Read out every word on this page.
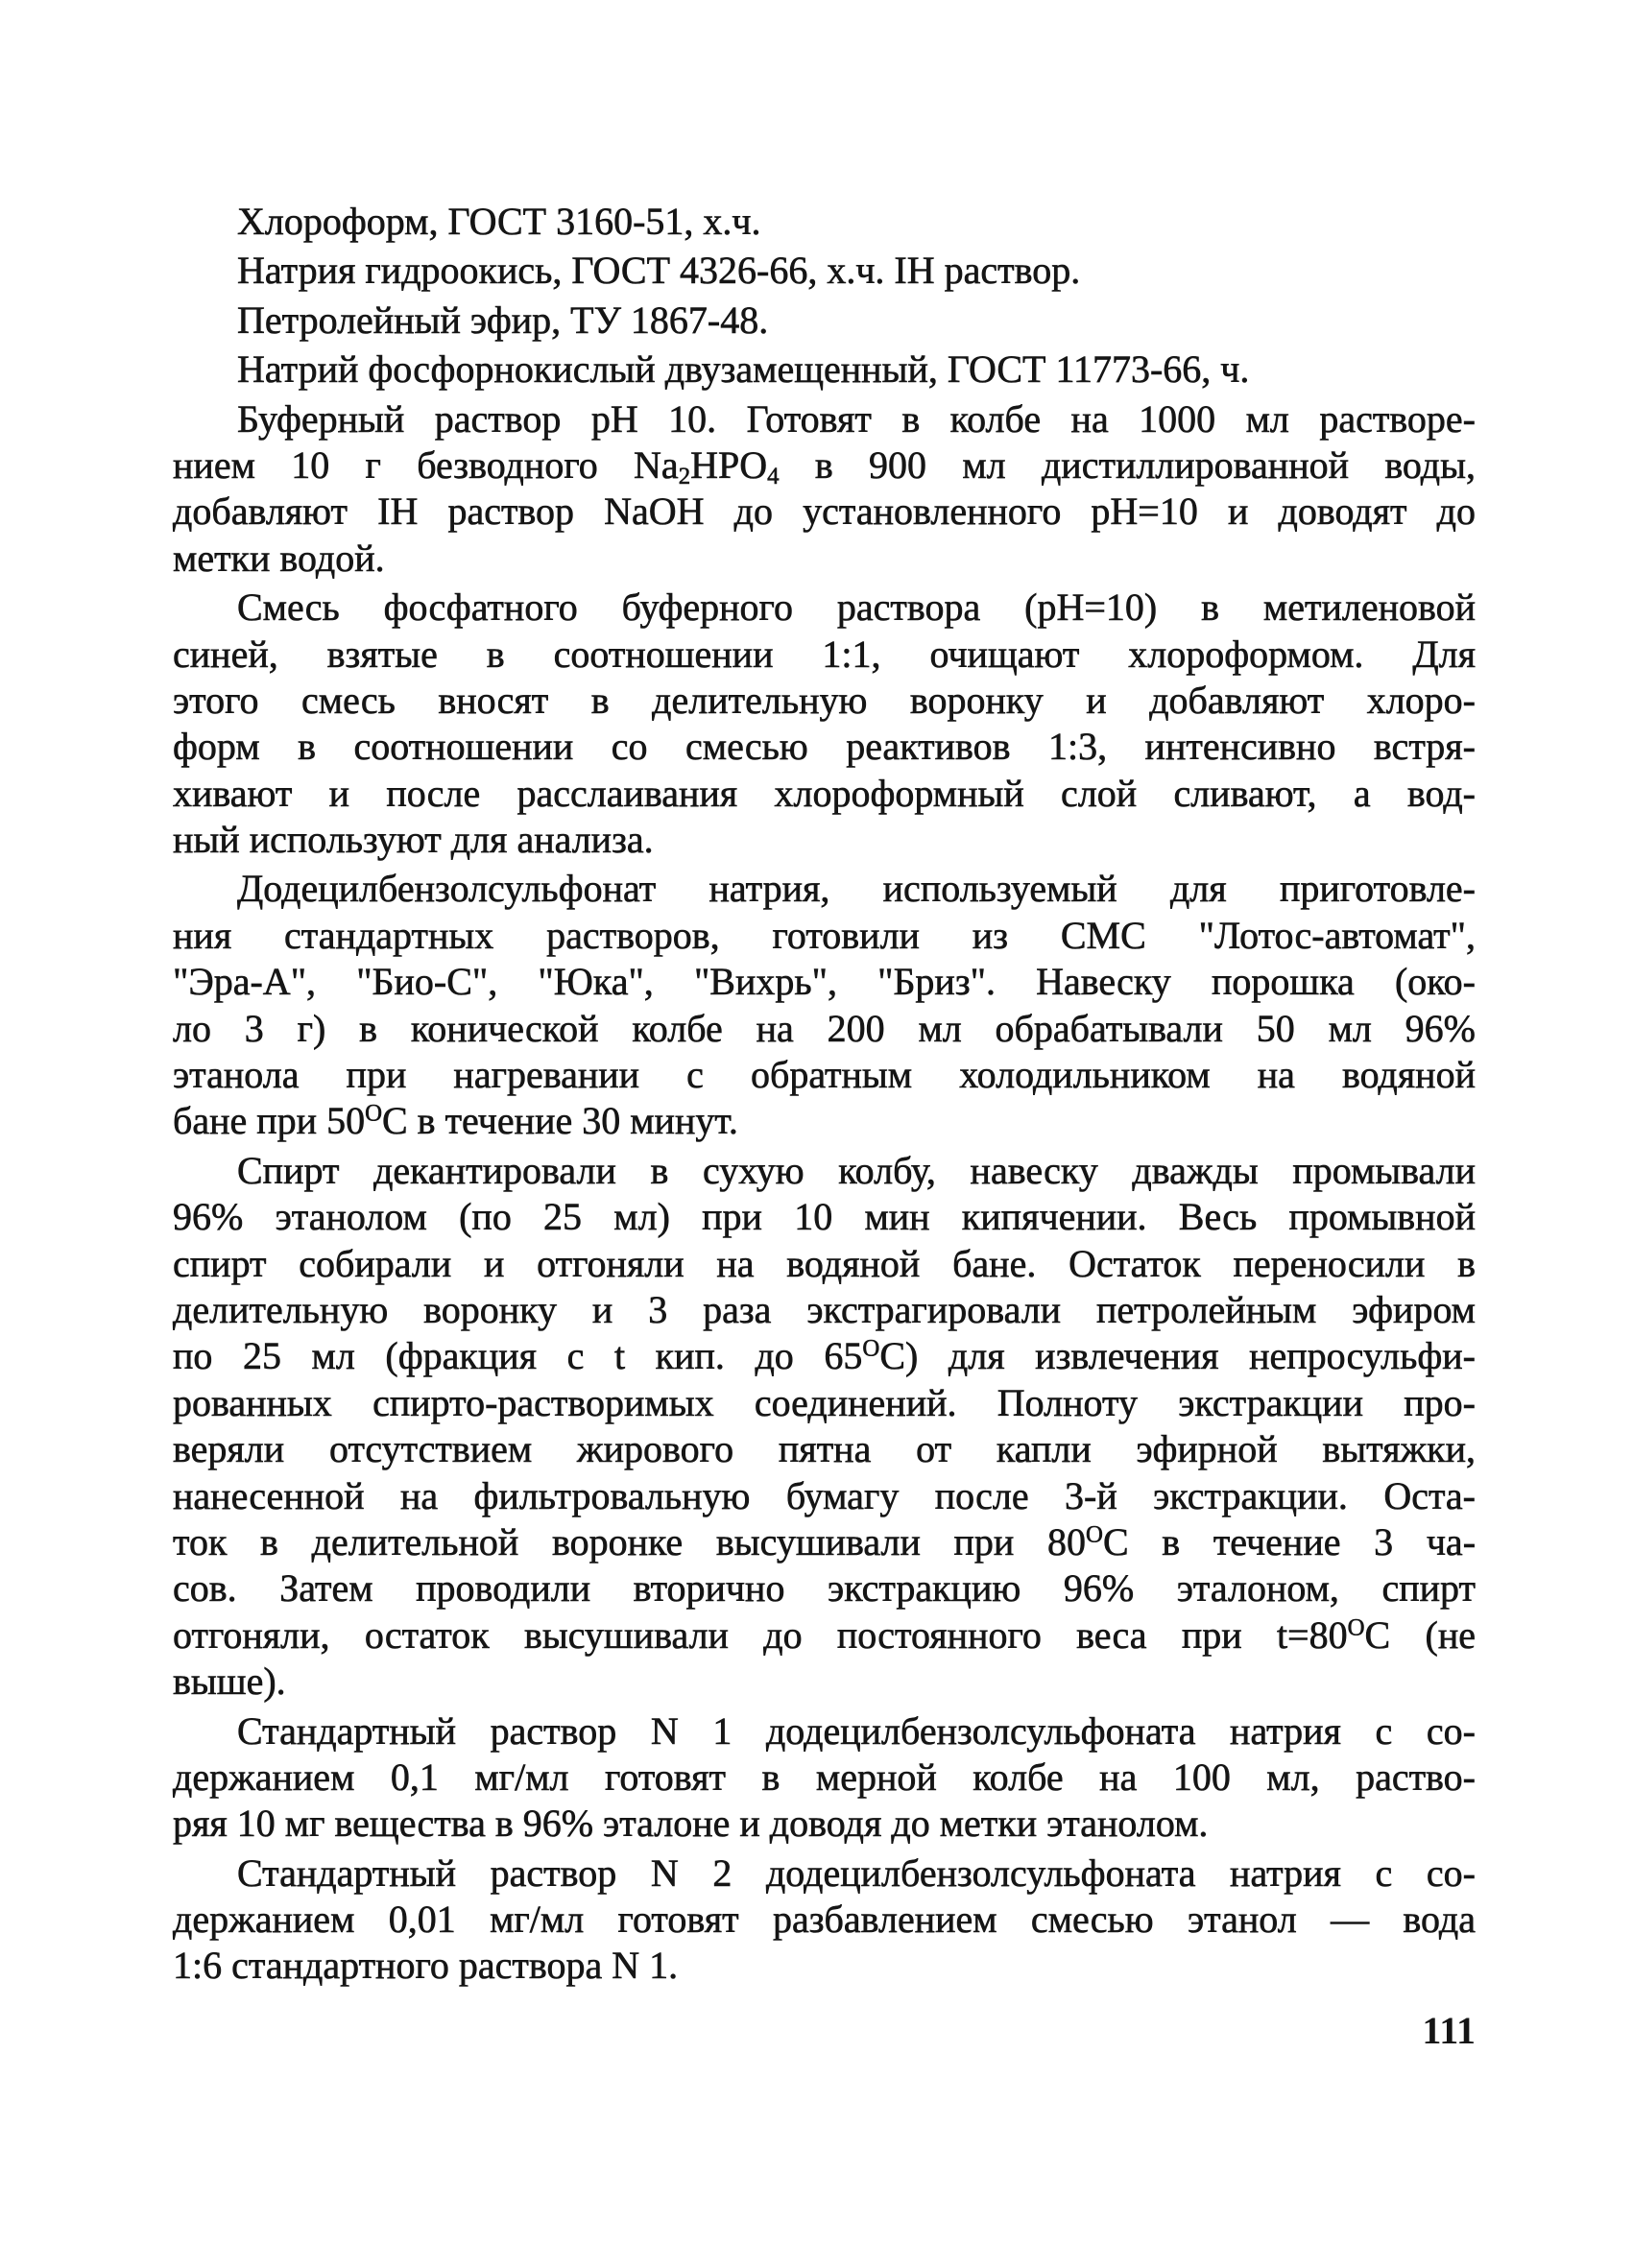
Хлороформ, ГОСТ 3160-51, х.ч.
Натрия гидроокись, ГОСТ 4326-66, х.ч. IН раствор.
Петролейный эфир, ТУ 1867-48.
Натрий фосфорнокислый двузамещенный, ГОСТ 11773-66, ч.
Буферный раствор pH 10. Готовят в колбе на 1000 мл растворе-
нием 10 г безводного $Na_2HPO_4$ в 900 мл дистиллированной воды,
добавляют IН раствор NaOH до установленного pH=10 и доводят до
метки водой.
Смесь фосфатного буферного раствора (pH=10) в метиленовой
синей, взятые в соотношении 1:1, очищают хлороформом. Для
этого смесь вносят в делительную воронку и добавляют хлоро-
форм в соотношении со смесью реактивов 1:3, интенсивно встря-
хивают и после расслаивания хлороформный слой сливают, а вод-
ный используют для анализа.
Додецилбензолсульфонат натрия, используемый для приготовле-
ния стандартных растворов, готовили из СМС "Лотос-автомат",
"Эра-А", "Био-С", "Юка", "Вихрь", "Бриз". Навеску порошка (око-
ло 3 г) в конической колбе на 200 мл обрабатывали 50 мл 96%
этанола при нагревании с обратным холодильником на водяной
бане при $50^ОС$ в течение 30 минут.
Спирт декантировали в сухую колбу, навеску дважды промывали
96% этанолом (по 25 мл) при 10 мин кипячении. Весь промывной
спирт собирали и отгоняли на водяной бане. Остаток переносили в
делительную воронку и 3 раза экстрагировали петролейным эфиром
по 25 мл (фракция с t кип. до $65^ОС$) для извлечения непросульфи-
рованных спирто-растворимых соединений. Полноту экстракции про-
веряли отсутствием жирового пятна от капли эфирной вытяжки,
нанесенной на фильтровальную бумагу после 3-й экстракции. Оста-
ток в делительной воронке высушивали при $80^ОС$ в течение 3 ча-
сов. Затем проводили вторично экстракцию 96% эталоном, спирт
отгоняли, остаток высушивали до постоянного веса при $t=80^ОС$ (не
выше).
Стандартный раствор N 1 додецилбензолсульфоната натрия с со-
держанием 0,1 мг/мл готовят в мерной колбе на 100 мл, раство-
ряя 10 мг вещества в 96% эталоне и доводя до метки этанолом.
Стандартный раствор N 2 додецилбензолсульфоната натрия с со-
держанием 0,01 мг/мл готовят разбавлением смесью этанол — вода
1:6 стандартного раствора N 1.
111
